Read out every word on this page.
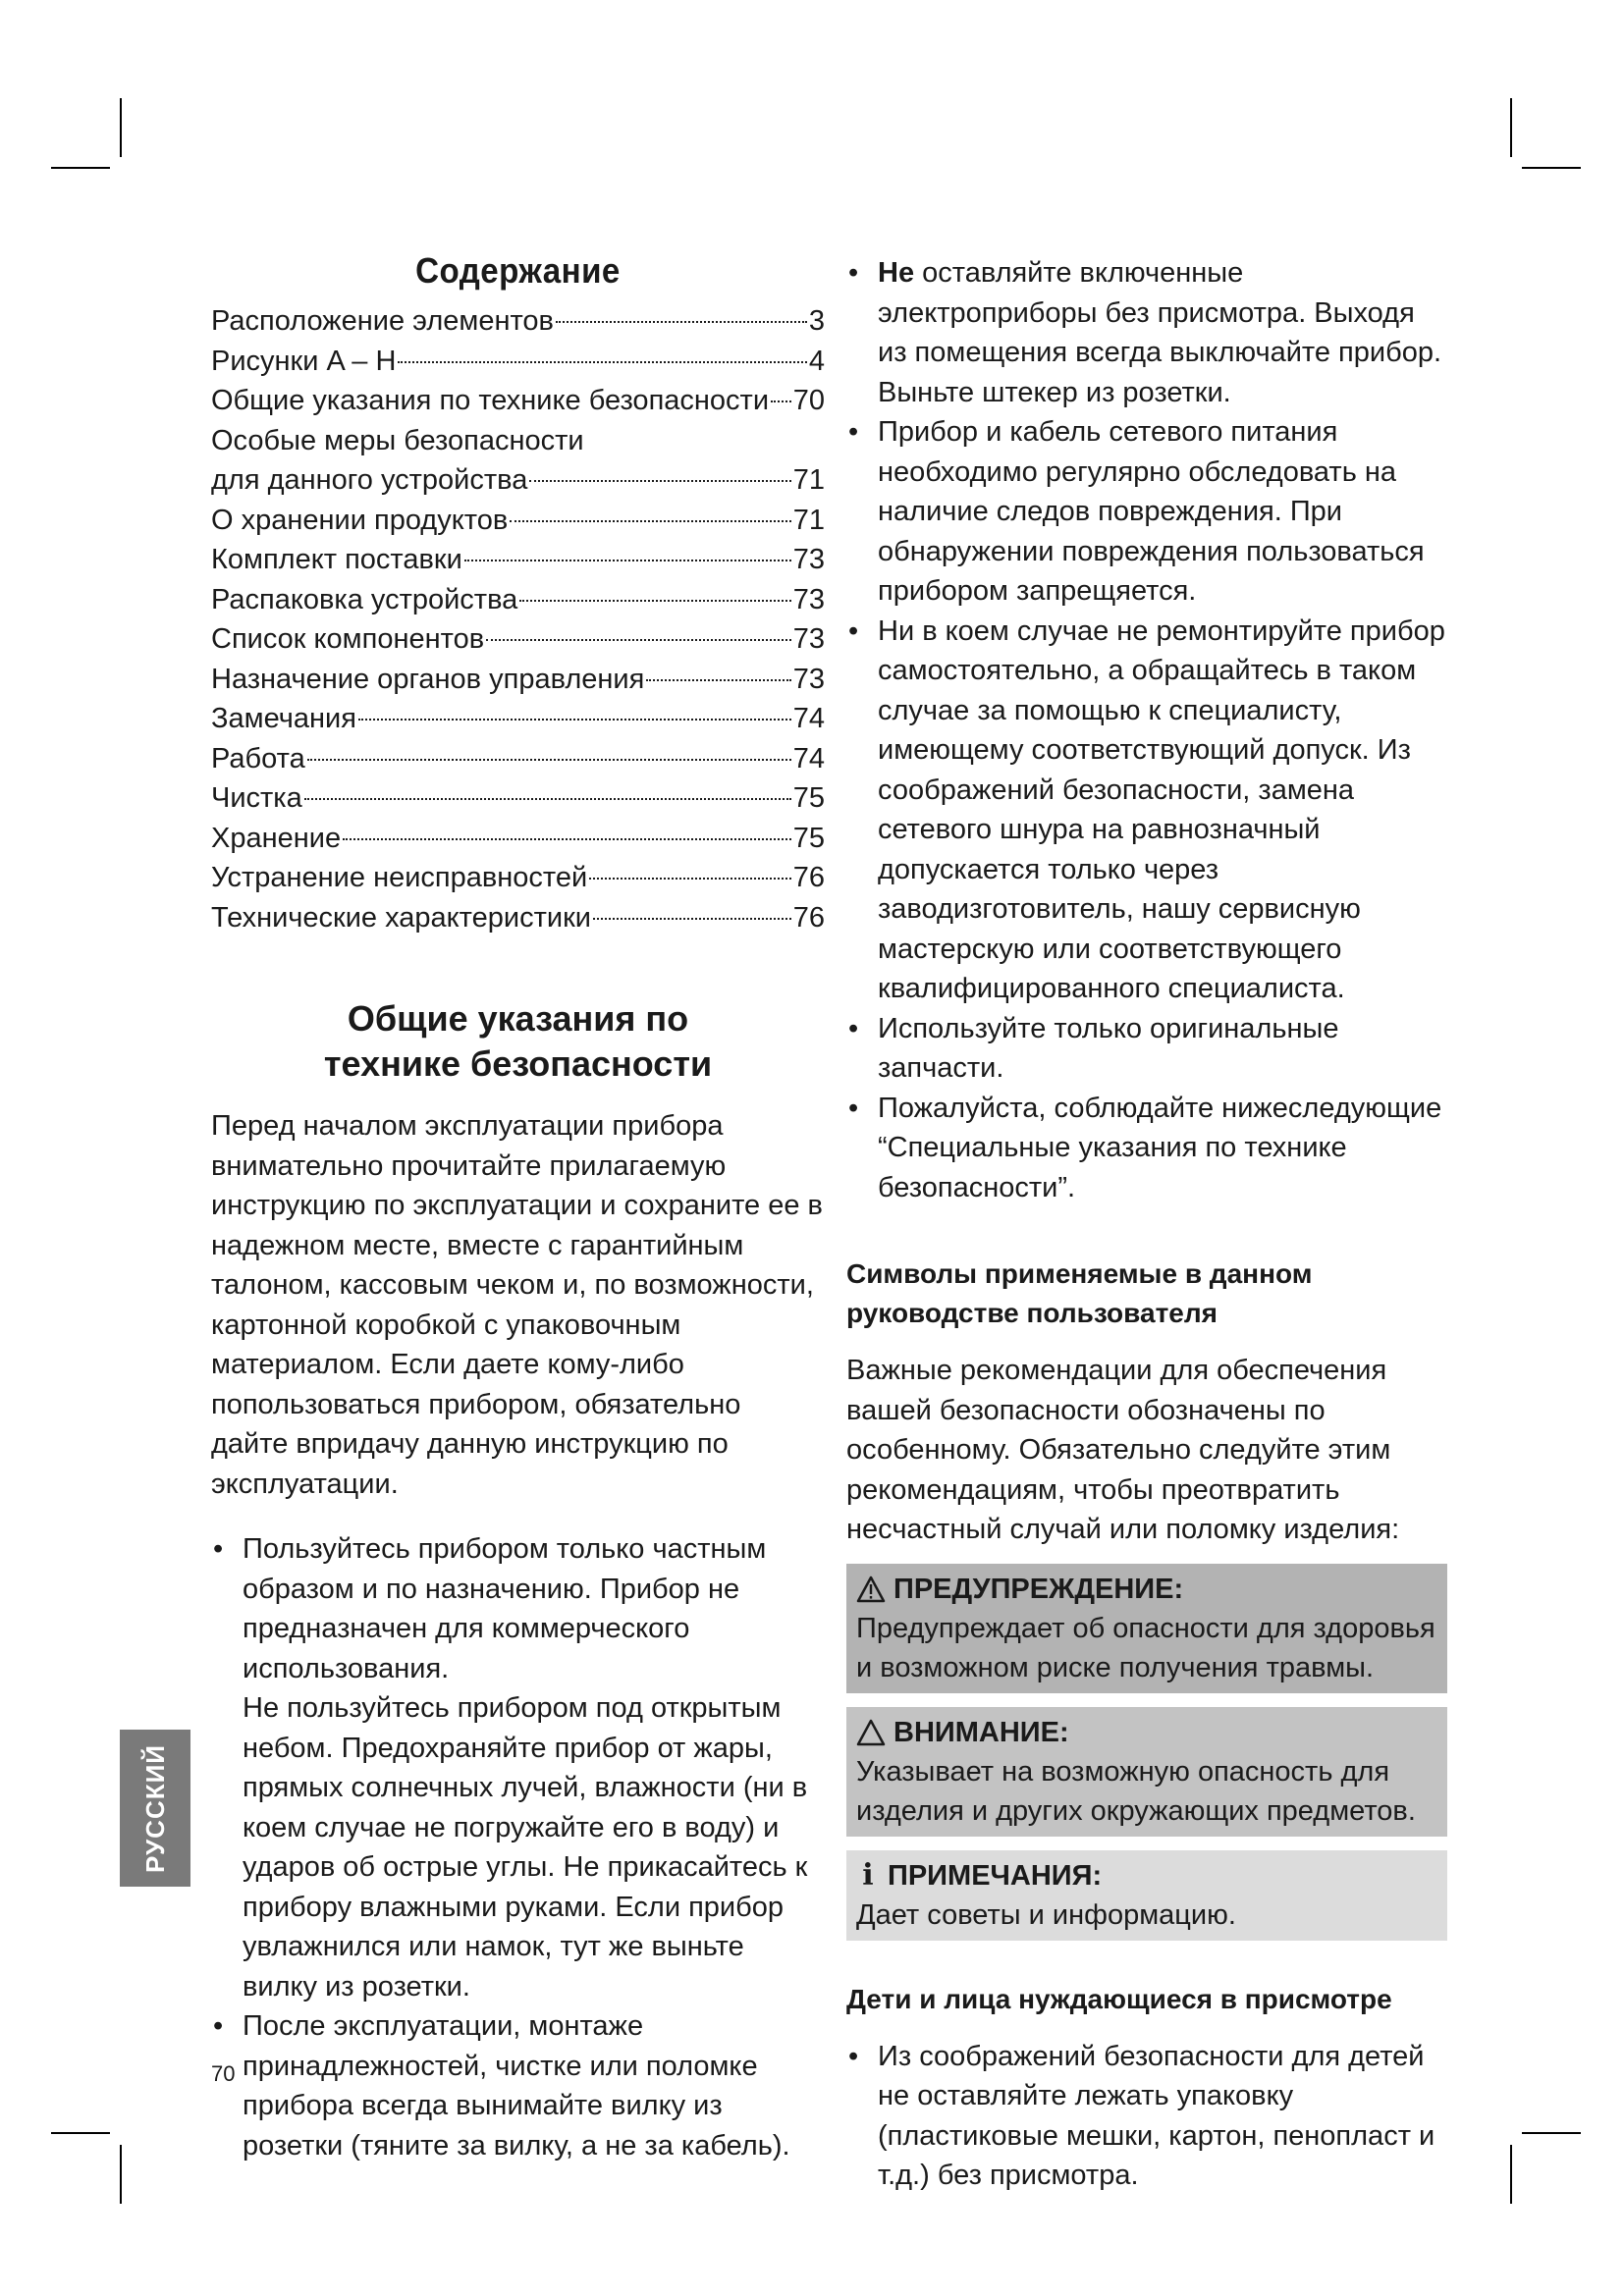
Содержание
Расположение элементов	3
Рисунки A – H	4
Общие указания по технике безопасности 70
Особые меры безопасности
для данного устройства	71
О хранении продуктов	71
Комплект поставки	73
Распаковка устройства	73
Список компонентов	73
Назначение органов управления	73
Замечания	74
Работа	74
Чистка	75
Хранение	75
Устранение неисправностей	76
Технические характеристики	76
Общие указания по
технике безопасности

Перед началом эксплуатации прибора внимательно прочитайте прилагаемую инструкцию по эксплуатации и сохраните ее в надежном месте, вместе с гарантийным талоном, кассовым чеком и, по возможности, картонной коробкой с упаковочным материалом. Если даете кому-либо попользоваться прибором, обязательно дайте впридачу данную инструкцию по эксплуатации.

• Пользуйтесь прибором только частным образом и по назначению. Прибор не предназначен для коммерческого использования.
Не пользуйтесь прибором под открытым небом. Предохраняйте прибор от жары, прямых солнечных лучей, влажности (ни в коем случае не погружайте его в воду) и ударов об острые углы. Не прикасайтесь к прибору влажными руками. Если прибор увлажнился или намок, тут же выньте вилку из розетки.
• После эксплуатации, монтаже принадлежностей, чистке или поломке прибора всегда вынимайте вилку из розетки (тяните за вилку, а не за кабель).
• Не оставляйте включенные электроприборы без присмотра. Выходя из помещения всегда выключайте прибор. Выньте штекер из розетки.
• Прибор и кабель сетевого питания необходимо регулярно обследовать на наличие следов повреждения. При обнаружении повреждения пользоваться прибором запрещяется.
• Ни в коем случае не ремонтируйте прибор самостоятельно, а обращайтесь в таком случае за помощью к специалисту, имеющему соответствующий допуск. Из соображений безопасности, замена сетевого шнура на равнозначный допускается только через заводизготовитель, нашу сервисную мастерскую или соответствующего квалифицированного специалиста.
• Используйте только оригинальные запчасти.
• Пожалуйста, соблюдайте нижеследующие “Специальные указания по технике безопасности”.
Символы применяемые в данном руководстве пользователя

Важные рекомендации для обеспечения вашей безопасности обозначены по особенному. Обязательно следуйте этим рекомендациям, чтобы преотвратить несчастный случай или поломку изделия:

ПРЕДУПРЕЖДЕНИЕ:
Предупреждает об опасности для здоровья и возможном риске получения травмы.
ВНИМАНИЕ:
Указывает на возможную опасность для изделия и других окружающих предметов.
i ПРИМЕЧАНИЯ:
Дает советы и информацию.
Дети и лица нуждающиеся в присмотре
• Из соображений безопасности для детей не оставляйте лежать упаковку (пластиковые мешки, картон, пенопласт и т.д.) без присмотра.
РУССКИЙ
70
